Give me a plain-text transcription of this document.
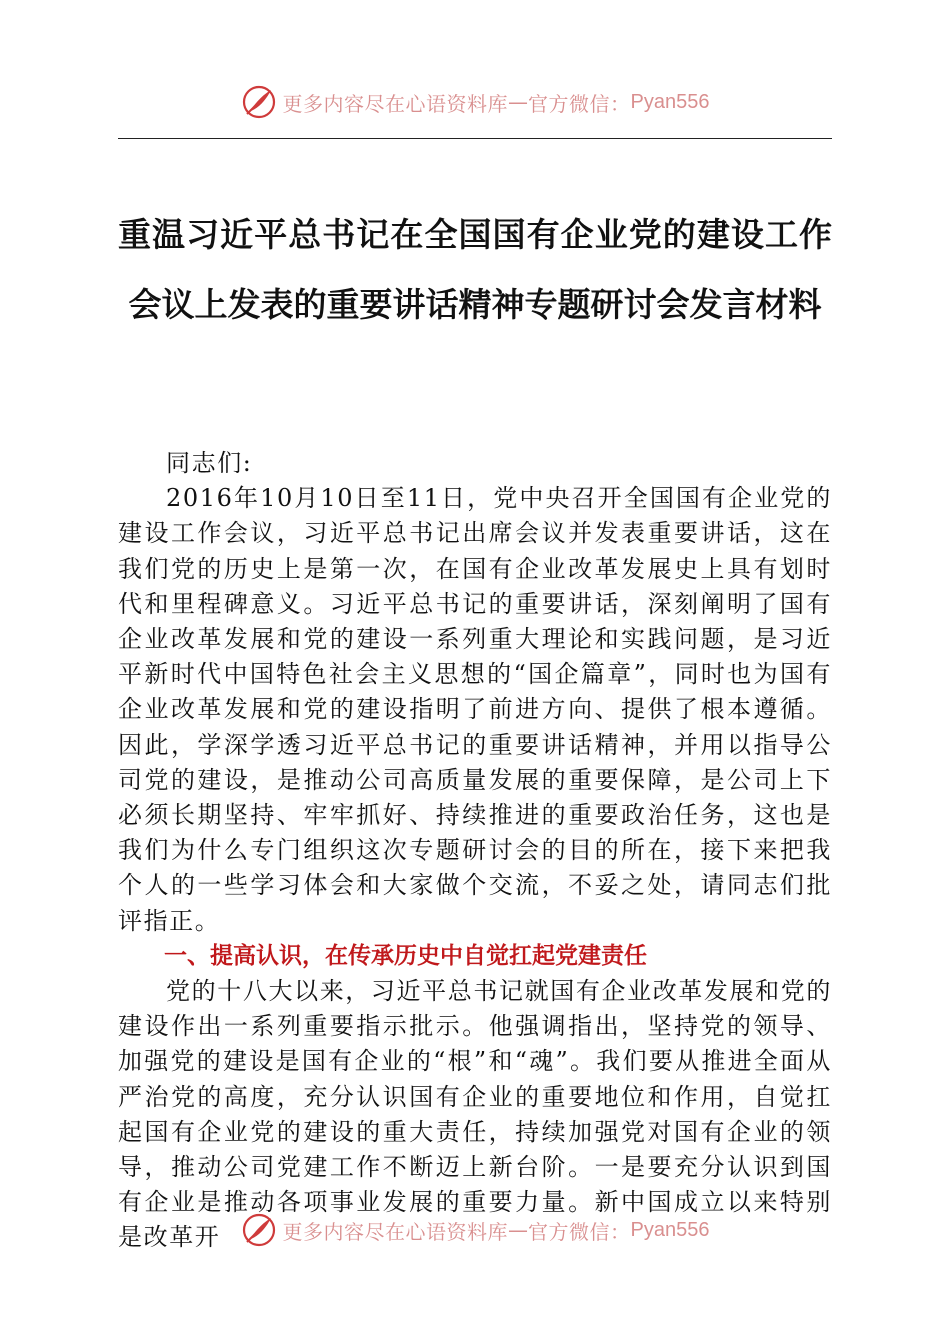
更多内容尽在心语资料库 — 官方微信： Pyan556
重温习近平总书记在全国国有企业党的建设工作会议上发表的重要讲话精神专题研讨会发言材料

同志们:

2016年10月10日至11日，党中央召开全国国有企业党的建设工作会议，习近平总书记出席会议并发表重要讲话，这在我们党的历史上是第一次，在国有企业改革发展史上具有划时代和里程碑意义。习近平总书记的重要讲话，深刻阐明了国有企业改革发展和党的建设一系列重大理论和实践问题，是习近平新时代中国特色社会主义思想的“国企篇章”，同时也为国有企业改革发展和党的建设指明了前进方向、提供了根本遵循。因此，学深学透习近平总书记的重要讲话精神，并用以指导公司党的建设，是推动公司高质量发展的重要保障，是公司上下必须长期坚持、牢牢抓好、持续推进的重要政治任务，这也是我们为什么专门组织这次专题研讨会的目的所在，接下来把我个人的一些学习体会和大家做个交流，不妥之处，请同志们批评指正。

一、提高认识，在传承历史中自觉扛起党建责任

党的十八大以来，习近平总书记就国有企业改革发展和党的建设作出一系列重要指示批示。他强调指出，坚持党的领导、加强党的建设是国有企业的“根”和“魂”。我们要从推进全面从严治党的高度，充分认识国有企业的重要地位和作用，自觉扛起国有企业党的建设的重大责任，持续加强党对国有企业的领导，推动公司党建工作不断迈上新台阶。一是要充分认识到国有企业是推动各项事业发展的重要力量。新中国成立以来特别是改革开	更多内容尽在心语资料库 — 官方微信： Pyan556
